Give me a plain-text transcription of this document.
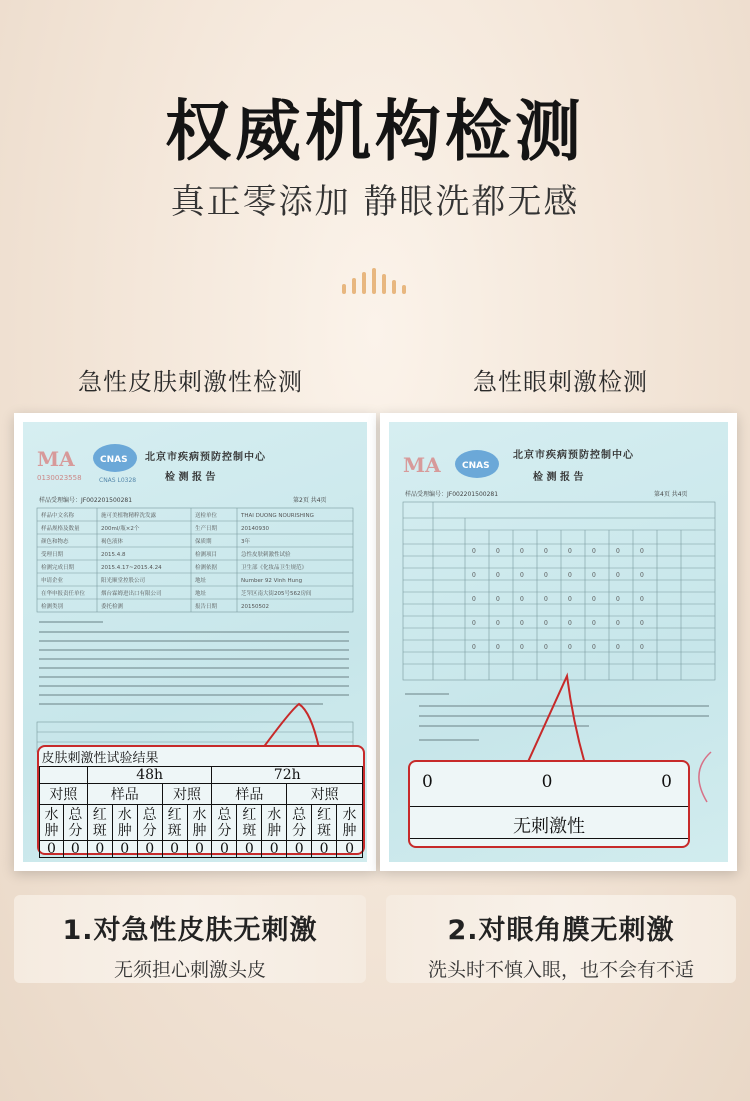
权威机构检测
真正零添加 静眼洗都无感
急性皮肤刺激性检测
MA
0130023558
CNAS
CNAS L0328
北京市疾病预防控制中心
检 测 报 告
样品受理编号：JF002201500281	第2页 共4页
样品中文名称	施可美植物精粹洗发露	送检单位	THAI DUONG NOURISHING
样品规格及数量	200ml/瓶×2个	生产日期	20140930
颜色和物态	褐色液体	保质期	3年
受理日期	2015.4.8	检测项目	急性皮肤刺激性试验
检测完成日期	2015.4.17~2015.4.24	检测依据	卫生部《化妆品卫生规范》
申请企业	阳光顺堂控股公司	地址	Number 92 Vinh Hung
在华申报责任单位	烟台霖姆进出口有限公司	地址	芝罘区南大街205号562房间
检测类别	委托检测	报告日期	20150502
皮肤刺激性试验结果												
		48h					72h					
对照		样品			对照		样品			对照		
水肿	总分	红斑	水肿	总分	红斑	水肿	总分	红斑	水肿	总分	红斑	水肿
0	0	0	0	0	0	0	0	0	0	0	0	0
1.对急性皮肤无刺激
无须担心刺激头皮
急性眼刺激检测
MA CNAS
北京市疾病预防控制中心
检 测 报 告
样品受理编号：JF002201500281	第4页 共4页
0	0	0	0	0	0	0	0
0	0	0	0	0	0	0	0
0	0	0	0	0	0	0	0
0	0	0	0	0	0	0	0
0	0	0	0	0	0	0	0
0	0	0
无刺激性
2.对眼角膜无刺激
洗头时不慎入眼，也不会有不适
